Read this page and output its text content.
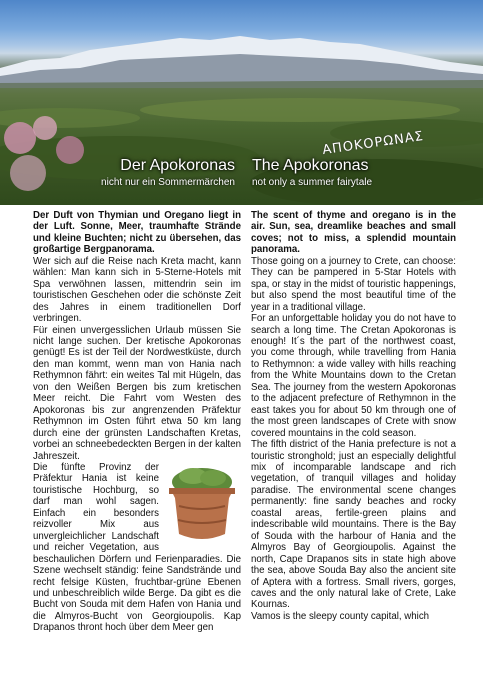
ΑΠΟΚΟΡΩΝΑΣ
Der Apokoronas
nicht nur ein Sommermärchen
The Apokoronas
not only a summer fairytale

Der Duft von Thymian und Oregano liegt in der Luft. Sonne, Meer, traumhafte Strände und kleine Buchten; nicht zu übersehen, das großartige Bergpanorama.

Wer sich auf die Reise nach Kreta macht, kann wählen: Man kann sich in 5-Sterne-Hotels mit Spa verwöhnen lassen, mittendrin sein im touristischen Geschehen oder die schönste Zeit des Jahres in einem traditionellen Dorf verbringen.

Für einen unvergesslichen Urlaub müssen Sie nicht lange suchen. Der kretische Apokoronas genügt! Es ist der Teil der Nordwestküste, durch den man kommt, wenn man von Hania nach Rethymnon fährt: ein weites Tal mit Hügeln, das von den Weißen Bergen bis zum kretischen Meer reicht. Die Fahrt vom Westen des Apokoronas bis zur angrenzenden Präfektur Rethymnon im Osten führt etwa 50 km lang durch eine der grünsten Landschaften Kretas, vorbei an schneebedeckten Bergen in der kalten Jahreszeit.

Die fünfte Provinz der Präfektur Hania ist keine touristische Hochburg, so darf man wohl sagen. Einfach ein besonders reizvoller Mix aus unvergleichlicher Landschaft und reicher Vegetation, aus beschaulichen Dörfern und Ferienparadies. Die Szene wechselt ständig: feine Sandstrände und recht felsige Küsten, fruchtbar-grüne Ebenen und unbeschreiblich wilde Berge. Da gibt es die Bucht von Souda mit dem Hafen von Hania und die Almyros-Bucht von Georgioupolis. Kap Drapanos thront hoch über dem Meer gen

The scent of thyme and oregano is in the air. Sun, sea, dreamlike beaches and small coves; not to miss, a splendid mountain panorama.

Those going on a journey to Crete, can choose: They can be pampered in 5-Star Hotels with spa, or stay in the midst of touristic happenings, but also spend the most beautiful time of the year in a traditional village.

For an unforgettable holiday you do not have to search a long time. The Cretan Apokoronas is enough! It´s the part of the northwest coast, you come through, while travelling from Hania to Rethymnon: a wide valley with hills reaching from the White Mountains down to the Cretan Sea. The journey from the western Apokoronas to the adjacent prefecture of Rethymnon in the east takes you for about 50 km through one of the most green landscapes of Crete with snow covered mountains in the cold season.

The fifth district of the Hania prefecture is not a touristic stronghold; just an especially delightful mix of incomparable landscape and rich vegetation, of tranquil villages and holiday paradise. The environmental scene changes permanently: fine sandy beaches and rocky coastal areas, fertile-green plains and indescribable wild mountains. There is the Bay of Souda with the harbour of Hania and the Almyros Bay of Georgioupolis. Against the north, Cape Drapanos sits in state high above the sea, above Souda Bay also the ancient site of Aptera with a fortress. Small rivers, gorges, caves and the only natural lake of Crete, Lake Kournas.

Vamos is the sleepy county capital, which
